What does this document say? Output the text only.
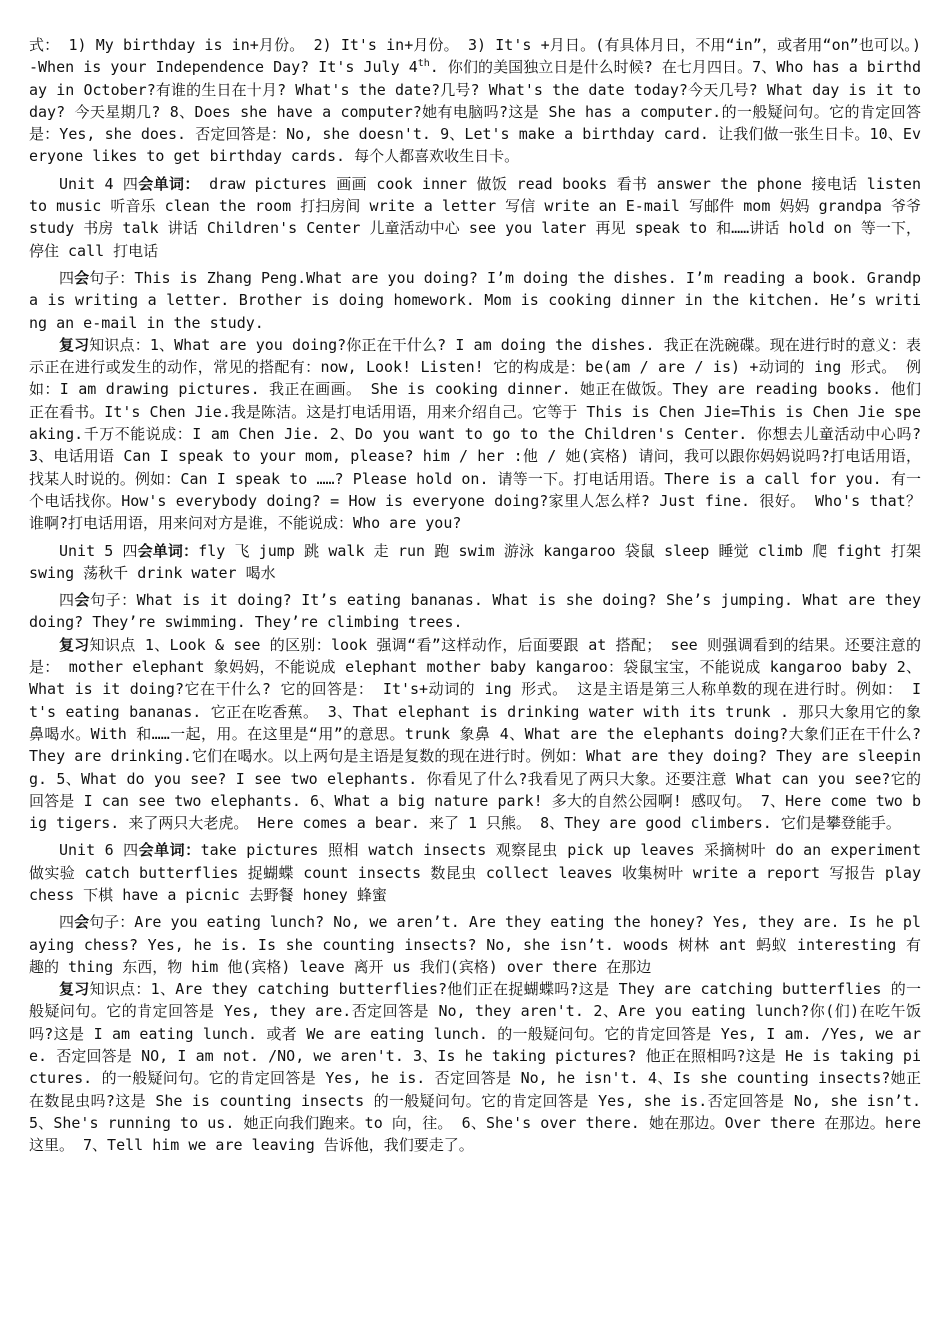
式： 1) My birthday is in+月份。 2) It's in+月份。 3) It's +月日。(有具体月日，不用“in”，或者用“on”也可以。) -When is your Independence Day? It's July 4th. 你们的美国独立日是什么时候? 在七月四日。7、Who has a birthday in October?有谁的生日在十月? What's the date?几号? What's the date today?今天几号? What day is it today? 今天星期几? 8、Does she have a computer?她有电脑吗?这是 She has a computer.的一般疑问句。它的肯定回答是：Yes, she does. 否定回答是：No, she doesn't. 9、Let's make a birthday card. 让我们做一张生日卡。10、Everyone likes to get birthday cards. 每个人都喜欢收生日卡。

Unit 4 四会单词： draw pictures 画画 cook inner 做饭 read books 看书 answer the phone 接电话 listen to music 听音乐 clean the room 打扫房间 write a letter 写信 write an E-mail 写邮件 mom 妈妈 grandpa 爷爷 study 书房 talk 讲话 Children's Center 儿童活动中心 see you later 再见 speak to 和……讲话 hold on 等一下，停住 call 打电话

四会句子：This is Zhang Peng.What are you doing? I’m doing the dishes. I’m reading a book. Grandpa is writing a letter. Brother is doing homework. Mom is cooking dinner in the kitchen. He’s writing an e-mail in the study.

复习知识点：1、What are you doing?你正在干什么? I am doing the dishes. 我正在洗碗碟。现在进行时的意义：表示正在进行或发生的动作，常见的搭配有：now, Look! Listen! 它的构成是：be(am / are / is) +动词的 ing 形式。 例如：I am drawing pictures. 我正在画画。 She is cooking dinner. 她正在做饭。They are reading books. 他们正在看书。It's Chen Jie.我是陈洁。这是打电话用语，用来介绍自己。它等于 This is Chen Jie=This is Chen Jie speaking.千万不能说成：I am Chen Jie. 2、Do you want to go to the Children's Center. 你想去儿童活动中心吗? 3、电话用语 Can I speak to your mom, please? him / her :他 / 她(宾格) 请问，我可以跟你妈妈说吗?打电话用语，找某人时说的。例如：Can I speak to ……? Please hold on. 请等一下。打电话用语。There is a call for you. 有一个电话找你。How's everybody doing? = How is everyone doing?家里人怎么样? Just fine. 很好。 Who's that？谁啊?打电话用语，用来问对方是谁，不能说成：Who are you?

Unit 5 四会单词：fly 飞 jump 跳 walk 走 run 跑 swim 游泳 kangaroo 袋鼠 sleep 睡觉 climb 爬 fight 打架 swing 荡秋千 drink water 喝水

四会句子：What is it doing? It’s eating bananas. What is she doing? She’s jumping. What are they doing? They’re swimming. They’re climbing trees.

复习知识点 1、Look & see 的区别：look 强调“看”这样动作，后面要跟 at 搭配； see 则强调看到的结果。还要注意的是： mother elephant 象妈妈，不能说成 elephant mother baby kangaroo：袋鼠宝宝，不能说成 kangaroo baby 2、What is it doing?它在干什么? 它的回答是： It's+动词的 ing 形式。 这是主语是第三人称单数的现在进行时。例如： It's eating bananas. 它正在吃香蕉。 3、That elephant is drinking water with its trunk . 那只大象用它的象鼻喝水。With 和……一起，用。在这里是“用”的意思。trunk 象鼻 4、What are the elephants doing?大象们正在干什么? They are drinking.它们在喝水。以上两句是主语是复数的现在进行时。例如：What are they doing? They are sleeping. 5、What do you see? I see two elephants. 你看见了什么?我看见了两只大象。还要注意 What can you see?它的回答是 I can see two elephants. 6、What a big nature park! 多大的自然公园啊! 感叹句。 7、Here come two big tigers. 来了两只大老虎。 Here comes a bear. 来了 1 只熊。 8、They are good climbers. 它们是攀登能手。

Unit 6 四会单词：take pictures 照相 watch insects 观察昆虫 pick up leaves 采摘树叶 do an experiment 做实验 catch butterflies 捉蝴蝶 count insects 数昆虫 collect leaves 收集树叶 write a report 写报告 play chess 下棋 have a picnic 去野餐 honey 蜂蜜

四会句子：Are you eating lunch? No, we aren’t. Are they eating the honey? Yes, they are. Is he playing chess? Yes, he is. Is she counting insects? No, she isn’t. woods 树林 ant 蚂蚁 interesting 有趣的 thing 东西，物 him 他(宾格) leave 离开 us 我们(宾格) over there 在那边

复习知识点：1、Are they catching butterflies?他们正在捉蝴蝶吗?这是 They are catching butterflies 的一般疑问句。它的肯定回答是 Yes, they are.否定回答是 No, they aren't. 2、Are you eating lunch?你(们)在吃午饭吗?这是 I am eating lunch. 或者 We are eating lunch. 的一般疑问句。它的肯定回答是 Yes, I am. /Yes, we are. 否定回答是 NO, I am not. /NO, we aren't. 3、Is he taking pictures? 他正在照相吗?这是 He is taking pictures. 的一般疑问句。它的肯定回答是 Yes, he is. 否定回答是 No, he isn't. 4、Is she counting insects?她正在数昆虫吗?这是 She is counting insects 的一般疑问句。它的肯定回答是 Yes, she is.否定回答是 No, she isn’t. 5、She's running to us. 她正向我们跑来。to 向，往。 6、She's over there. 她在那边。Over there 在那边。here 这里。 7、Tell him we are leaving 告诉他，我们要走了。
